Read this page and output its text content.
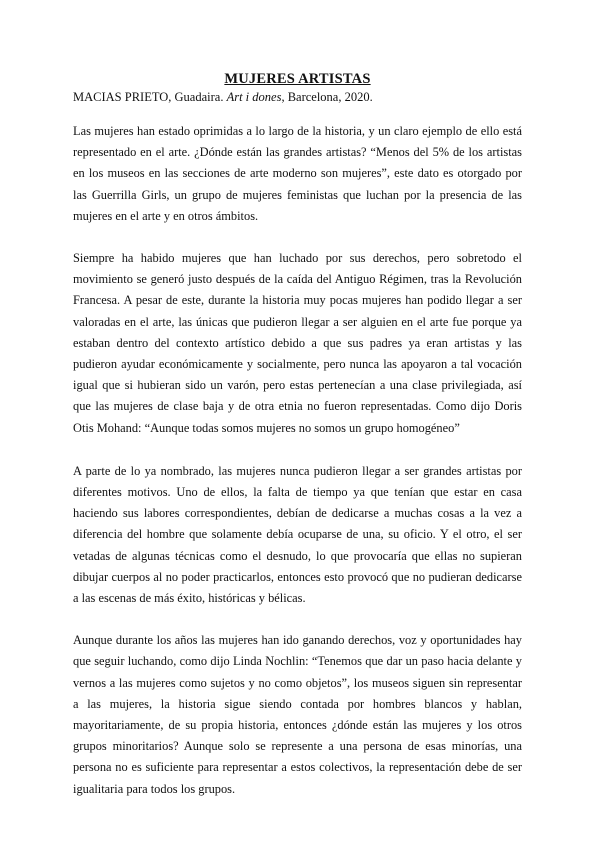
MUJERES ARTISTAS

MACIAS PRIETO, Guadaira. Art i dones, Barcelona, 2020.

Las mujeres han estado oprimidas a lo largo de la historia, y un claro ejemplo de ello está representado en el arte. ¿Dónde están las grandes artistas? “Menos del 5% de los artistas en los museos en las secciones de arte moderno son mujeres”, este dato es otorgado por las Guerrilla Girls, un grupo de mujeres feministas que luchan por la presencia de las mujeres en el arte y en otros ámbitos.

Siempre ha habido mujeres que han luchado por sus derechos, pero sobretodo el movimiento se generó justo después de la caída del Antiguo Régimen, tras la Revolución Francesa. A pesar de este, durante la historia muy pocas mujeres han podido llegar a ser valoradas en el arte, las únicas que pudieron llegar a ser alguien en el arte fue porque ya estaban dentro del contexto artístico debido a que sus padres ya eran artistas y las pudieron ayudar económicamente y socialmente, pero nunca las apoyaron a tal vocación igual que si hubieran sido un varón, pero estas pertenecían a una clase privilegiada, así que las mujeres de clase baja y de otra etnia no fueron representadas. Como dijo Doris Otis Mohand: “Aunque todas somos mujeres no somos un grupo homogéneo”

A parte de lo ya nombrado, las mujeres nunca pudieron llegar a ser grandes artistas por diferentes motivos. Uno de ellos, la falta de tiempo ya que tenían que estar en casa haciendo sus labores correspondientes, debían de dedicarse a muchas cosas a la vez a diferencia del hombre que solamente debía ocuparse de una, su oficio. Y el otro, el ser vetadas de algunas técnicas como el desnudo, lo que provocaría que ellas no supieran dibujar cuerpos al no poder practicarlos, entonces esto provocó que no pudieran dedicarse a las escenas de más éxito, históricas y bélicas.

Aunque durante los años las mujeres han ido ganando derechos, voz y oportunidades hay que seguir luchando, como dijo Linda Nochlin: “Tenemos que dar un paso hacia delante y vernos a las mujeres como sujetos y no como objetos”, los museos siguen sin representar a las mujeres, la historia sigue siendo contada por hombres blancos y hablan, mayoritariamente, de su propia historia, entonces ¿dónde están las mujeres y los otros grupos minoritarios? Aunque solo se represente a una persona de esas minorías, una persona no es suficiente para representar a estos colectivos, la representación debe de ser igualitaria para todos los grupos.
